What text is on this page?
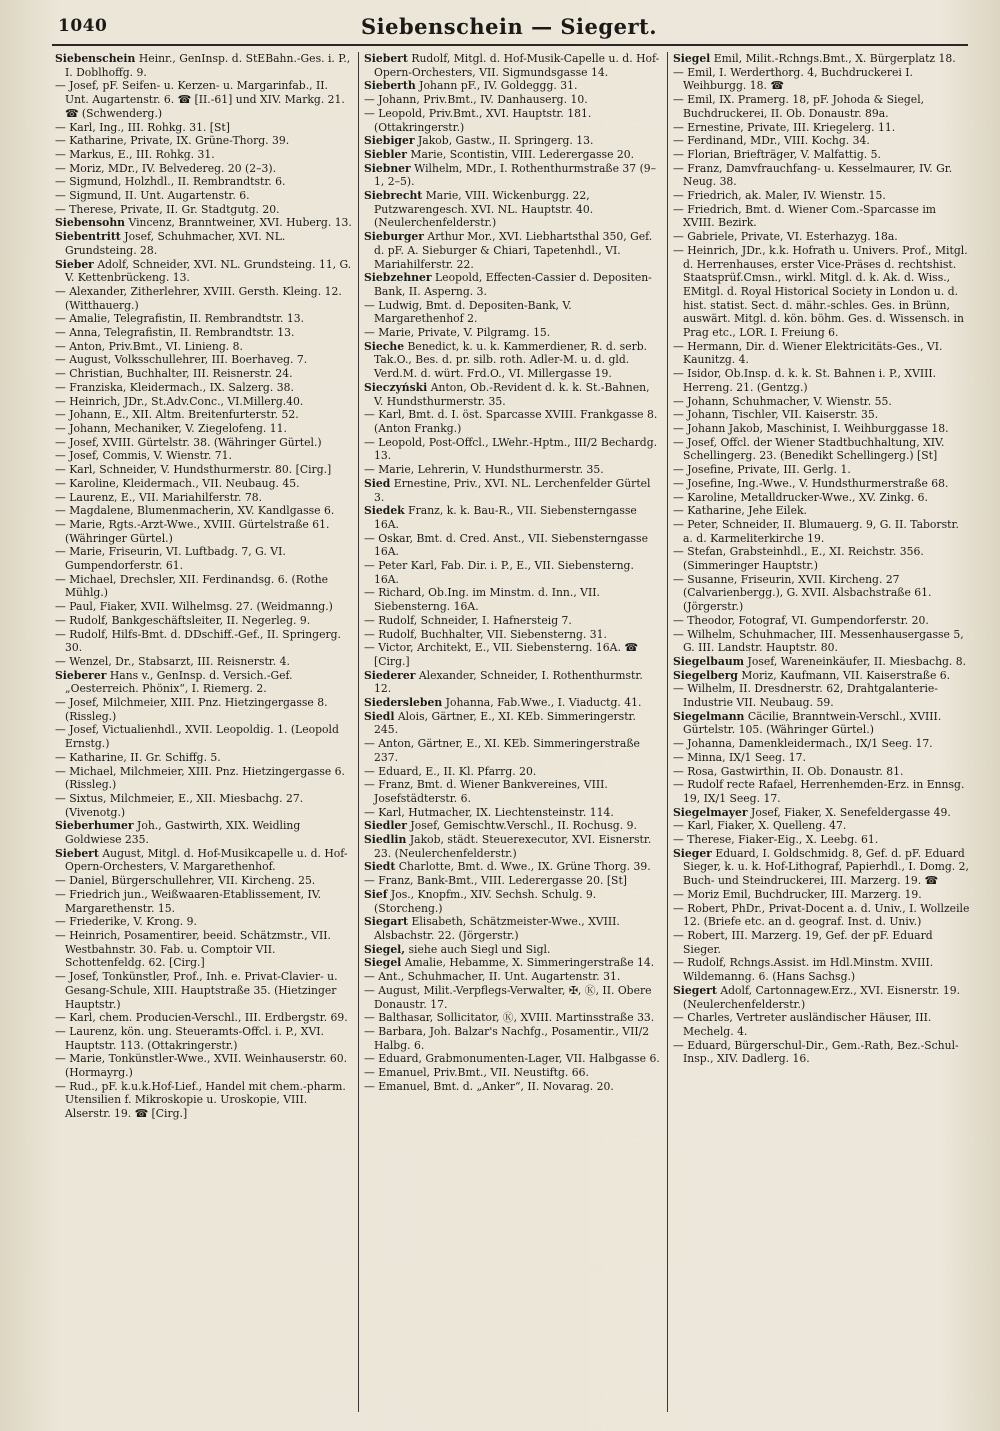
1040	Siebenschein — Siegert.
Siebenschein Heinr., GenInsp. d. StEBahn.-Ges. i. P., I. Doblhoffg. 9.
— Josef, pF. Seifen- u. Kerzen- u. Margarinfab., II. Unt. Augartenstr. 6. ☎ [II.-61] und XIV. Markg. 21. ☎ (Schwenderg.)
— Karl, Ing., III. Rohkg. 31. [St]
— Katharine, Private, IX. Grüne-Thorg. 39.
— Markus, E., III. Rohkg. 31.
— Moriz, MDr., IV. Belvedereg. 20 (2–3).
— Sigmund, Holzhdl., II. Rembrandtstr. 6.
— Sigmund, II. Unt. Augartenstr. 6.
— Therese, Private, II. Gr. Stadtgutg. 20.
Siebensohn Vincenz, Branntweiner, XVI. Huberg. 13.
Siebentritt Josef, Schuhmacher, XVI. NL. Grundsteing. 28.
Sieber Adolf, Schneider, XVI. NL. Grundsteing. 11, G. V. Kettenbrückeng. 13.
— Alexander, Zitherlehrer, XVIII. Gersth. Kleing. 12. (Witthauerg.)
— Amalie, Telegrafistin, II. Rembrandtstr. 13.
— Anna, Telegrafistin, II. Rembrandtstr. 13.
— Anton, Priv.Bmt., VI. Linieng. 8.
— August, Volksschullehrer, III. Boerhaveg. 7.
— Christian, Buchhalter, III. Reisnerstr. 24.
— Franziska, Kleidermach., IX. Salzerg. 38.
— Heinrich, JDr., St.Adv.Conc., VI.Millerg.40.
— Johann, E., XII. Altm. Breitenfurterstr. 52.
— Johann, Mechaniker, V. Ziegelofeng. 11.
— Josef, XVIII. Gürtelstr. 38. (Währinger Gürtel.)
— Josef, Commis, V. Wienstr. 71.
— Karl, Schneider, V. Hundsthurmerstr. 80. [Cirg.]
— Karoline, Kleidermach., VII. Neubaug. 45.
— Laurenz, E., VII. Mariahilferstr. 78.
— Magdalene, Blumenmacherin, XV. Kandlgasse 6.
— Marie, Rgts.-Arzt-Wwe., XVIII. Gürtelstraße 61. (Währinger Gürtel.)
— Marie, Friseurin, VI. Luftbadg. 7, G. VI. Gumpendorferstr. 61.
— Michael, Drechsler, XII. Ferdinandsg. 6. (Rothe Mühlg.)
— Paul, Fiaker, XVII. Wilhelmsg. 27. (Weidmanng.)
— Rudolf, Bankgeschäftsleiter, II. Negerleg. 9.
— Rudolf, Hilfs-Bmt. d. DDschiff.-Gef., II. Springerg. 30.
— Wenzel, Dr., Stabsarzt, III. Reisnerstr. 4.
Sieberer Hans v., GenInsp. d. Versich.-Gef. „Oesterreich. Phönix“, I. Riemerg. 2.
— Josef, Milchmeier, XIII. Pnz. Hietzingergasse 8. (Rissleg.)
— Josef, Victualienhdl., XVII. Leopoldig. 1. (Leopold Ernstg.)
— Katharine, II. Gr. Schiffg. 5.
— Michael, Milchmeier, XIII. Pnz. Hietzingergasse 6. (Rissleg.)
— Sixtus, Milchmeier, E., XII. Miesbachg. 27. (Vivenotg.)
Sieberhumer Joh., Gastwirth, XIX. Weidling Goldwiese 235.
Siebert August, Mitgl. d. Hof-Musikcapelle u. d. Hof-Opern-Orchesters, V. Margarethenhof.
— Daniel, Bürgerschullehrer, VII. Kircheng. 25.
— Friedrich jun., Weißwaaren-Etablissement, IV. Margarethenstr. 15.
— Friederike, V. Krong. 9.
— Heinrich, Posamentirer, beeid. Schätzmstr., VII. Westbahnstr. 30. Fab. u. Comptoir VII. Schottenfeldg. 62. [Cirg.]
— Josef, Tonkünstler, Prof., Inh. e. Privat-Clavier- u. Gesang-Schule, XIII. Hauptstraße 35. (Hietzinger Hauptstr.)
— Karl, chem. Producien-Verschl., III. Erdbergstr. 69.
— Laurenz, kön. ung. Steueramts-Offcl. i. P., XVI. Hauptstr. 113. (Ottakringerstr.)
— Marie, Tonkünstler-Wwe., XVII. Weinhauserstr. 60. (Hormayrg.)
— Rud., pF. k.u.k.Hof-Lief., Handel mit chem.-pharm. Utensilien f. Mikroskopie u. Uroskopie, VIII. Alserstr. 19. ☎ [Cirg.]
Siebert Rudolf, Mitgl. d. Hof-Musik-Capelle u. d. Hof-Opern-Orchesters, VII. Sigmundsgasse 14.
Sieberth Johann pF., IV. Goldeggg. 31.
— Johann, Priv.Bmt., IV. Danhauserg. 10.
— Leopold, Priv.Bmt., XVI. Hauptstr. 181. (Ottakringerstr.)
Siebiger Jakob, Gastw., II. Springerg. 13.
Siebler Marie, Scontistin, VIII. Lederergasse 20.
Siebner Wilhelm, MDr., I. Rothenthurmstraße 37 (9–1, 2–5).
Siebrecht Marie, VIII. Wickenburgg. 22, Putzwarengesch. XVI. NL. Hauptstr. 40. (Neulerchenfelderstr.)
Sieburger Arthur Mor., XVI. Liebhartsthal 350, Gef. d. pF. A. Sieburger & Chiari, Tapetenhdl., VI. Mariahilferstr. 22.
Siebzehner Leopold, Effecten-Cassier d. Depositen-Bank, II. Asperng. 3.
— Ludwig, Bmt. d. Depositen-Bank, V. Margarethenhof 2.
— Marie, Private, V. Pilgramg. 15.
Sieche Benedict, k. u. k. Kammerdiener, R. d. serb. Tak.O., Bes. d. pr. silb. roth. Adler-M. u. d. gld. Verd.M. d. würt. Frd.O., VI. Millergasse 19.
Sieczyński Anton, Ob.-Revident d. k. k. St.-Bahnen, V. Hundsthurmerstr. 35.
— Karl, Bmt. d. I. öst. Sparcasse XVIII. Frankgasse 8. (Anton Frankg.)
— Leopold, Post-Offcl., LWehr.-Hptm., III/2 Bechardg. 13.
— Marie, Lehrerin, V. Hundsthurmerstr. 35.
Sied Ernestine, Priv., XVI. NL. Lerchenfelder Gürtel 3.
Siedek Franz, k. k. Bau-R., VII. Siebensterngasse 16A.
— Oskar, Bmt. d. Cred. Anst., VII. Siebensterngasse 16A.
— Peter Karl, Fab. Dir. i. P., E., VII. Siebensterng. 16A.
— Richard, Ob.Ing. im Minstm. d. Inn., VII. Siebensterng. 16A.
— Rudolf, Schneider, I. Hafnersteig 7.
— Rudolf, Buchhalter, VII. Siebensterng. 31.
— Victor, Architekt, E., VII. Siebensterng. 16A. ☎ [Cirg.]
Siederer Alexander, Schneider, I. Rothenthurmstr. 12.
Siedersleben Johanna, Fab.Wwe., I. Viaductg. 41.
Siedl Alois, Gärtner, E., XI. KEb. Simmeringerstr. 245.
— Anton, Gärtner, E., XI. KEb. Simmeringerstraße 237.
— Eduard, E., II. Kl. Pfarrg. 20.
— Franz, Bmt. d. Wiener Bankvereines, VIII. Josefstädterstr. 6.
— Karl, Hutmacher, IX. Liechtensteinstr. 114.
Siedler Josef, Gemischtw.Verschl., II. Rochusg. 9.
Siedlin Jakob, städt. Steuerexecutor, XVI. Eisnerstr. 23. (Neulerchenfelderstr.)
Siedt Charlotte, Bmt. d. Wwe., IX. Grüne Thorg. 39.
— Franz, Bank-Bmt., VIII. Lederergasse 20. [St]
Sief Jos., Knopfm., XIV. Sechsh. Schulg. 9. (Storcheng.)
Siegart Elisabeth, Schätzmeister-Wwe., XVIII. Alsbachstr. 22. (Jörgerstr.)
Siegel, siehe auch Siegl und Sigl.
Siegel Amalie, Hebamme, X. Simmeringerstraße 14.
— Ant., Schuhmacher, II. Unt. Augartenstr. 31.
— August, Milit.-Verpflegs-Verwalter, ✠, Ⓚ, II. Obere Donaustr. 17.
— Balthasar, Sollicitator, Ⓚ, XVIII. Martinsstraße 33.
— Barbara, Joh. Balzar's Nachfg., Posamentir., VII/2 Halbg. 6.
— Eduard, Grabmonumenten-Lager, VII. Halbgasse 6.
— Emanuel, Priv.Bmt., VII. Neustiftg. 66.
— Emanuel, Bmt. d. „Anker“, II. Novarag. 20.
Siegel Emil, Milit.-Rchngs.Bmt., X. Bürgerplatz 18.
— Emil, I. Werderthorg. 4, Buchdruckerei I. Weihburgg. 18. ☎
— Emil, IX. Pramerg. 18, pF. Johoda & Siegel, Buchdruckerei, II. Ob. Donaustr. 89a.
— Ernestine, Private, III. Kriegelerg. 11.
— Ferdinand, MDr., VIII. Kochg. 34.
— Florian, Briefträger, V. Malfattig. 5.
— Franz, Damvfrauchfang- u. Kesselmaurer, IV. Gr. Neug. 38.
— Friedrich, ak. Maler, IV. Wienstr. 15.
— Friedrich, Bmt. d. Wiener Com.-Sparcasse im XVIII. Bezirk.
— Gabriele, Private, VI. Esterhazyg. 18a.
— Heinrich, JDr., k.k. Hofrath u. Univers. Prof., Mitgl. d. Herrenhauses, erster Vice-Präses d. rechtshist. Staatsprüf.Cmsn., wirkl. Mitgl. d. k. Ak. d. Wiss., EMitgl. d. Royal Historical Society in London u. d. hist. statist. Sect. d. mähr.-schles. Ges. in Brünn, auswärt. Mitgl. d. kön. böhm. Ges. d. Wissensch. in Prag etc., LOR. I. Freiung 6.
— Hermann, Dir. d. Wiener Elektricitäts-Ges., VI. Kaunitzg. 4.
— Isidor, Ob.Insp. d. k. k. St. Bahnen i. P., XVIII. Herreng. 21. (Gentzg.)
— Johann, Schuhmacher, V. Wienstr. 55.
— Johann, Tischler, VII. Kaiserstr. 35.
— Johann Jakob, Maschinist, I. Weihburggasse 18.
— Josef, Offcl. der Wiener Stadtbuchhaltung, XIV. Schellingerg. 23. (Benedikt Schellingerg.) [St]
— Josefine, Private, III. Gerlg. 1.
— Josefine, Ing.-Wwe., V. Hundsthurmerstraße 68.
— Karoline, Metalldrucker-Wwe., XV. Zinkg. 6.
— Katharine, Jehe Eilek.
— Peter, Schneider, II. Blumauerg. 9, G. II. Taborstr. a. d. Karmeliterkirche 19.
— Stefan, Grabsteinhdl., E., XI. Reichstr. 356. (Simmeringer Hauptstr.)
— Susanne, Friseurin, XVII. Kircheng. 27 (Calvarienbergg.), G. XVII. Alsbachstraße 61. (Jörgerstr.)
— Theodor, Fotograf, VI. Gumpendorferstr. 20.
— Wilhelm, Schuhmacher, III. Messenhausergasse 5, G. III. Landstr. Hauptstr. 80.
Siegelbaum Josef, Wareneinkäufer, II. Miesbachg. 8.
Siegelberg Moriz, Kaufmann, VII. Kaiserstraße 6.
— Wilhelm, II. Dresdnerstr. 62, Drahtgalanterie-Industrie VII. Neubaug. 59.
Siegelmann Cäcilie, Branntwein-Verschl., XVIII. Gürtelstr. 105. (Währinger Gürtel.)
— Johanna, Damenkleidermach., IX/1 Seeg. 17.
— Minna, IX/1 Seeg. 17.
— Rosa, Gastwirthin, II. Ob. Donaustr. 81.
— Rudolf recte Rafael, Herrenhemden-Erz. in Ennsg. 19, IX/1 Seeg. 17.
Siegelmayer Josef, Fiaker, X. Senefeldergasse 49.
— Karl, Fiaker, X. Quelleng. 47.
— Therese, Fiaker-Eig., X. Leebg. 61.
Sieger Eduard, I. Goldschmidg. 8, Gef. d. pF. Eduard Sieger, k. u. k. Hof-Lithograf, Papierhdl., I. Domg. 2, Buch- und Steindruckerei, III. Marzerg. 19. ☎
— Moriz Emil, Buchdrucker, III. Marzerg. 19.
— Robert, PhDr., Privat-Docent a. d. Univ., I. Wollzeile 12. (Briefe etc. an d. geograf. Inst. d. Univ.)
— Robert, III. Marzerg. 19, Gef. der pF. Eduard Sieger.
— Rudolf, Rchngs.Assist. im Hdl.Minstm. XVIII. Wildemanng. 6. (Hans Sachsg.)
Siegert Adolf, Cartonnagew.Erz., XVI. Eisnerstr. 19. (Neulerchenfelderstr.)
— Charles, Vertreter ausländischer Häuser, III. Mechelg. 4.
— Eduard, Bürgerschul-Dir., Gem.-Rath, Bez.-Schul-Insp., XIV. Dadlerg. 16.
